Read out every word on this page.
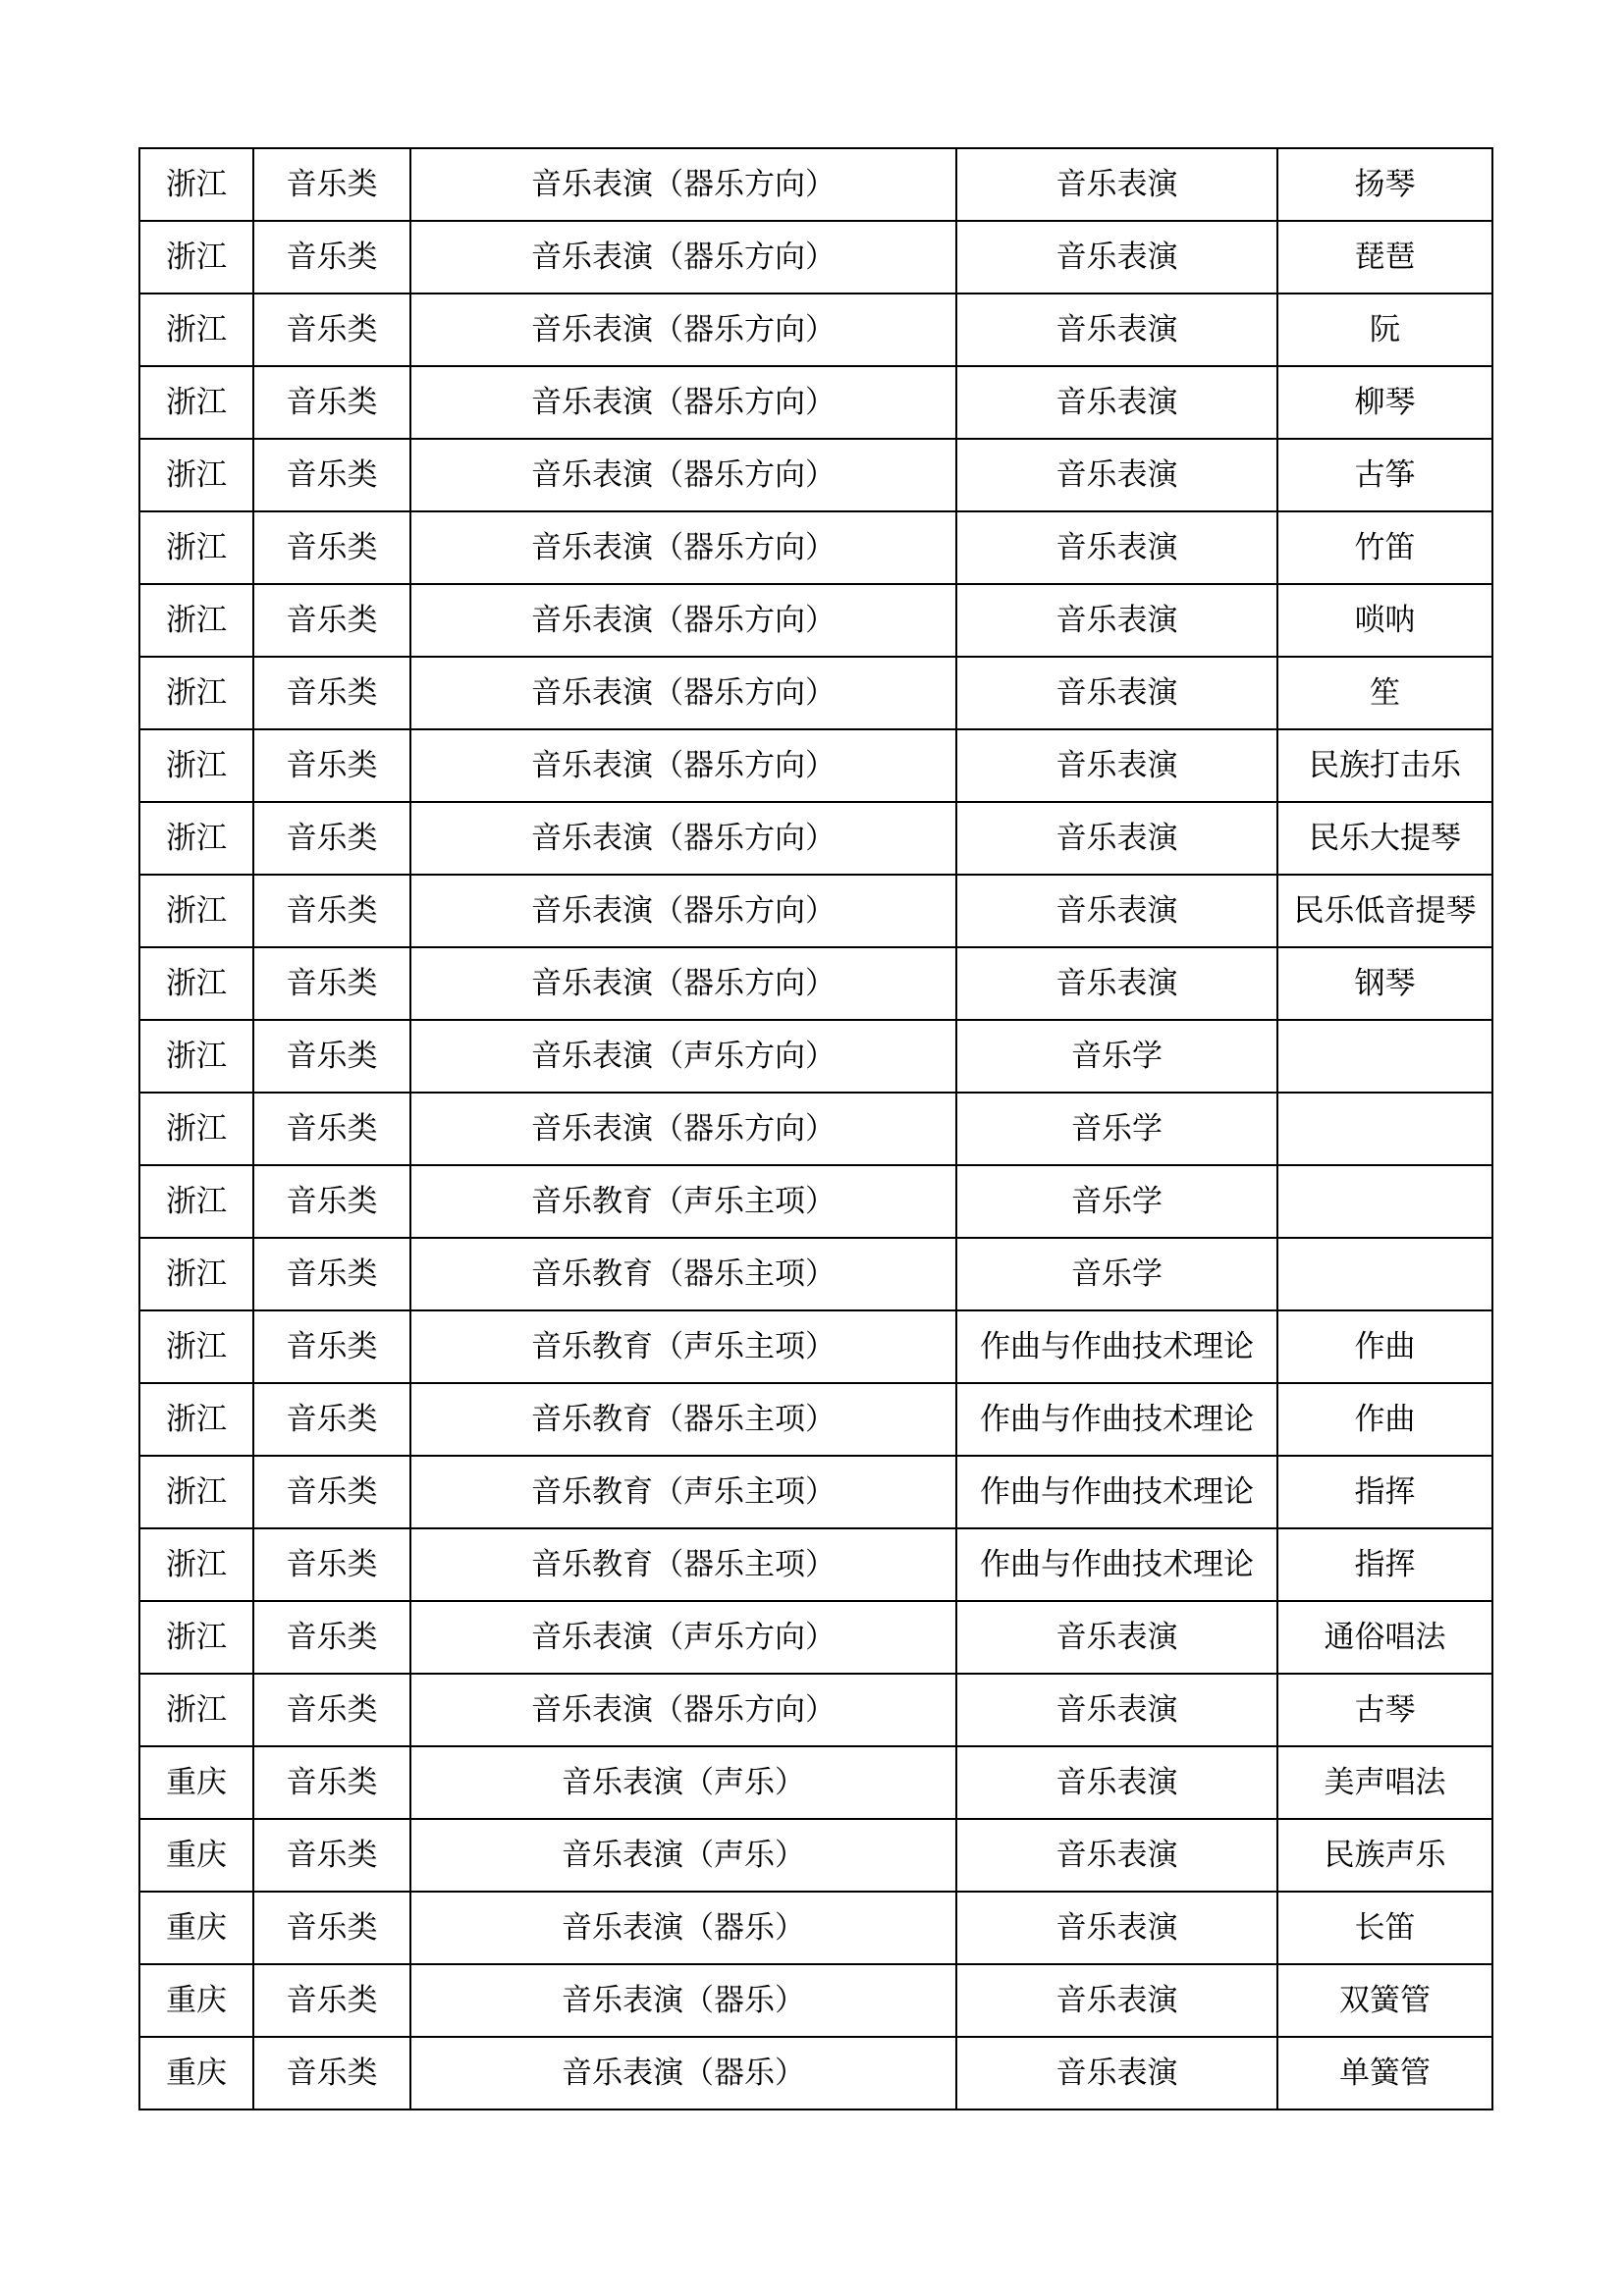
浙江	音乐类	音乐表演（器乐方向）	音乐表演	扬琴
浙江	音乐类	音乐表演（器乐方向）	音乐表演	琵琶
浙江	音乐类	音乐表演（器乐方向）	音乐表演	阮
浙江	音乐类	音乐表演（器乐方向）	音乐表演	柳琴
浙江	音乐类	音乐表演（器乐方向）	音乐表演	古筝
浙江	音乐类	音乐表演（器乐方向）	音乐表演	竹笛
浙江	音乐类	音乐表演（器乐方向）	音乐表演	唢呐
浙江	音乐类	音乐表演（器乐方向）	音乐表演	笙
浙江	音乐类	音乐表演（器乐方向）	音乐表演	民族打击乐
浙江	音乐类	音乐表演（器乐方向）	音乐表演	民乐大提琴
浙江	音乐类	音乐表演（器乐方向）	音乐表演	民乐低音提琴
浙江	音乐类	音乐表演（器乐方向）	音乐表演	钢琴
浙江	音乐类	音乐表演（声乐方向）	音乐学	
浙江	音乐类	音乐表演（器乐方向）	音乐学	
浙江	音乐类	音乐教育（声乐主项）	音乐学	
浙江	音乐类	音乐教育（器乐主项）	音乐学	
浙江	音乐类	音乐教育（声乐主项）	作曲与作曲技术理论	作曲
浙江	音乐类	音乐教育（器乐主项）	作曲与作曲技术理论	作曲
浙江	音乐类	音乐教育（声乐主项）	作曲与作曲技术理论	指挥
浙江	音乐类	音乐教育（器乐主项）	作曲与作曲技术理论	指挥
浙江	音乐类	音乐表演（声乐方向）	音乐表演	通俗唱法
浙江	音乐类	音乐表演（器乐方向）	音乐表演	古琴
重庆	音乐类	音乐表演（声乐）	音乐表演	美声唱法
重庆	音乐类	音乐表演（声乐）	音乐表演	民族声乐
重庆	音乐类	音乐表演（器乐）	音乐表演	长笛
重庆	音乐类	音乐表演（器乐）	音乐表演	双簧管
重庆	音乐类	音乐表演（器乐）	音乐表演	单簧管
